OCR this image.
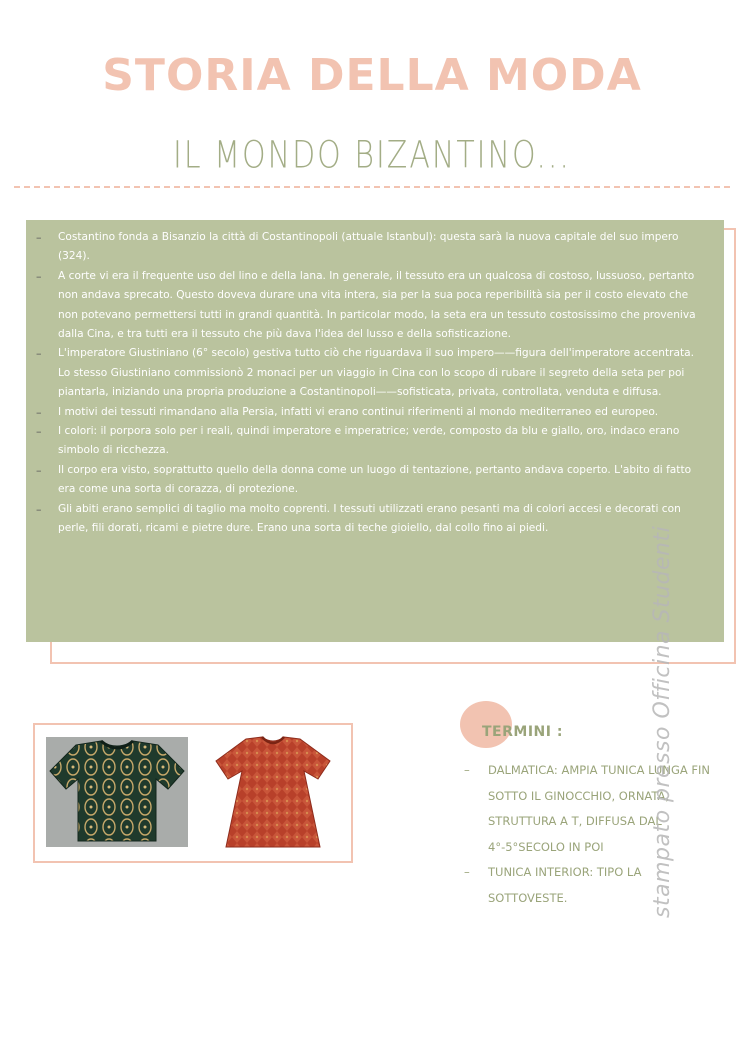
STORIA DELLA MODA
IL MONDO BIZANTINO...
– Costantino fonda a Bisanzio la città di Costantinopoli (attuale Istanbul): questa sarà la nuova capitale del suo impero (324).
– A corte vi era il frequente uso del lino e della lana. In generale, il tessuto era un qualcosa di costoso, lussuoso, pertanto non andava sprecato. Questo doveva durare una vita intera, sia per la sua poca reperibilità sia per il costo elevato che non potevano permettersi tutti in grandi quantità. In particolar modo, la seta era un tessuto costosissimo che proveniva dalla Cina, e tra tutti era il tessuto che più dava l'idea del lusso e della sofisticazione.
– L'imperatore Giustiniano (6° secolo) gestiva tutto ciò che riguardava il suo impero——figura dell'imperatore accentrata. Lo stesso Giustiniano commissionò 2 monaci per un viaggio in Cina con lo scopo di rubare il segreto della seta per poi piantarla, iniziando una propria produzione a Costantinopoli——sofisticata, privata, controllata, venduta e diffusa.
– I motivi dei tessuti rimandano alla Persia, infatti vi erano continui riferimenti al mondo mediterraneo ed europeo.
– I colori: il porpora solo per i reali, quindi imperatore e imperatrice; verde, composto da blu e giallo, oro, indaco erano simbolo di ricchezza.
– Il corpo era visto, soprattutto quello della donna come un luogo di tentazione, pertanto andava coperto. L'abito di fatto era come una sorta di corazza, di protezione.
– Gli abiti erano semplici di taglio ma molto coprenti. I tessuti utilizzati erano pesanti ma di colori accesi e decorati con perle, fili dorati, ricami e pietre dure. Erano una sorta di teche gioiello, dal collo fino ai piedi.
TERMINI :
– DALMATICA: AMPIA TUNICA LUNGA FIN SOTTO IL GINOCCHIO, ORNATA, STRUTTURA A T, DIFFUSA DAL 4°-5°SECOLO IN POI
– TUNICA INTERIOR: TIPO LA SOTTOVESTE.	stampato presso Officina Studenti
